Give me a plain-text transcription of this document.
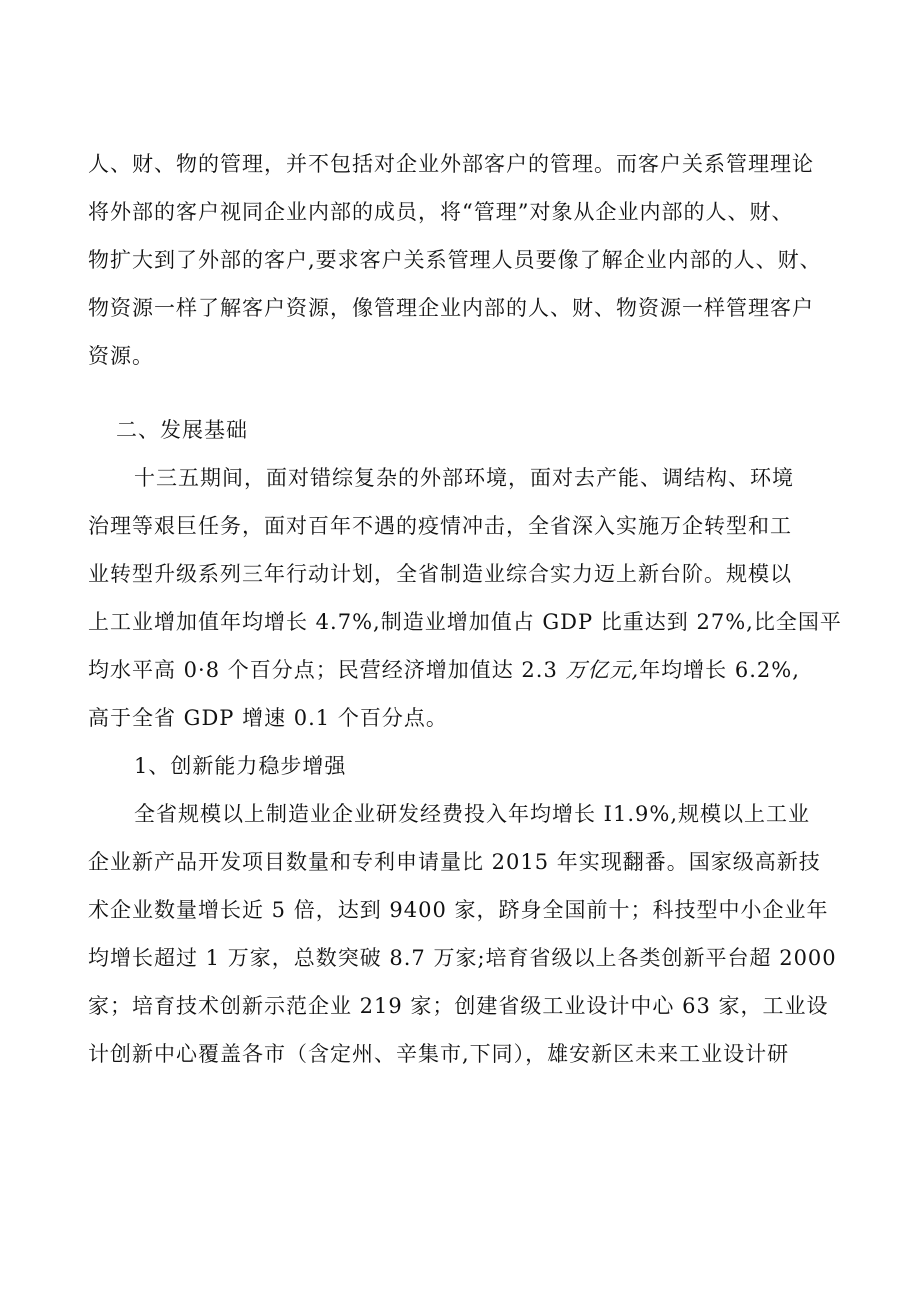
人、财、物的管理，并不包括对企业外部客户的管理。而客户关系管理理论
将外部的客户视同企业内部的成员，将“管理”对象从企业内部的人、财、
物扩大到了外部的客户,要求客户关系管理人员要像了解企业内部的人、财、
物资源一样了解客户资源，像管理企业内部的人、财、物资源一样管理客户
资源。
二、发展基础
十三五期间，面对错综复杂的外部环境，面对去产能、调结构、环境
治理等艰巨任务，面对百年不遇的疫情冲击，全省深入实施万企转型和工
业转型升级系列三年行动计划，全省制造业综合实力迈上新台阶。规模以
上工业增加值年均增长 4.7%,制造业增加值占 GDP 比重达到 27%,比全国平
均水平高 0·8 个百分点；民营经济增加值达 2.3 万亿元,年均增长 6.2%,
高于全省 GDP 增速 0.1 个百分点。
1、创新能力稳步增强
全省规模以上制造业企业研发经费投入年均增长 I1.9%,规模以上工业
企业新产品开发项目数量和专利申请量比 2015 年实现翻番。国家级高新技
术企业数量增长近 5 倍，达到 9400 家，跻身全国前十；科技型中小企业年
均增长超过 1 万家，总数突破 8.7 万家;培育省级以上各类创新平台超 2000
家；培育技术创新示范企业 219 家；创建省级工业设计中心 63 家，工业设
计创新中心覆盖各市（含定州、辛集市,下同），雄安新区未来工业设计研
